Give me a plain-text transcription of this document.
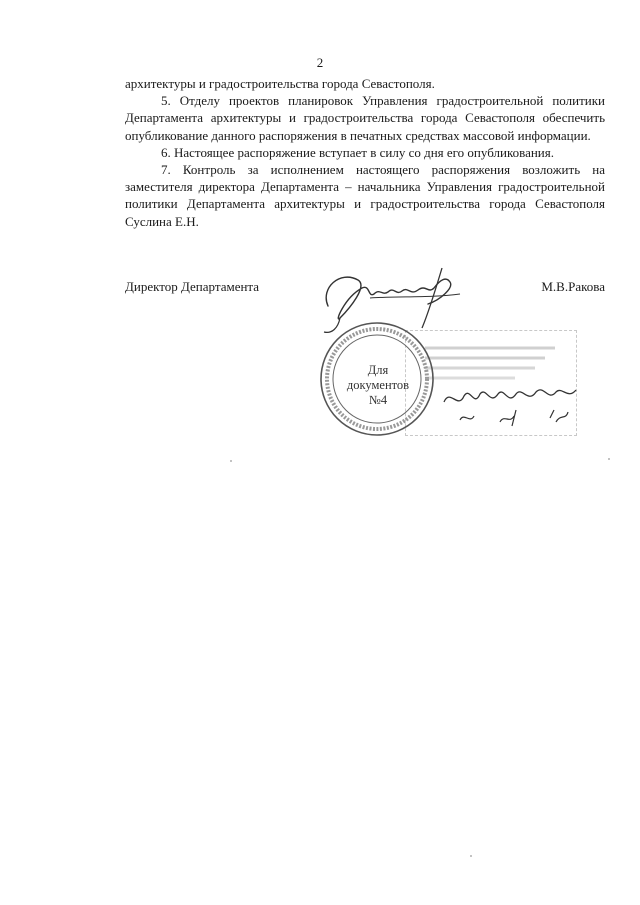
2

архитектуры и градостроительства города Севастополя.

5. Отделу проектов планировок Управления градостроительной политики Департамента архитектуры и градостроительства города Севастополя обеспечить опубликование данного распоряжения в печатных средствах массовой информации.

6. Настоящее распоряжение вступает в силу со дня его опубликования.

7. Контроль за исполнением настоящего распоряжения возложить на заместителя директора Департамента – начальника Управления градостроительной политики Департамента архитектуры и градостроительства города Севастополя Суслина Е.Н.

Директор Департамента	М.В.Ракова
Для
документов
№4
